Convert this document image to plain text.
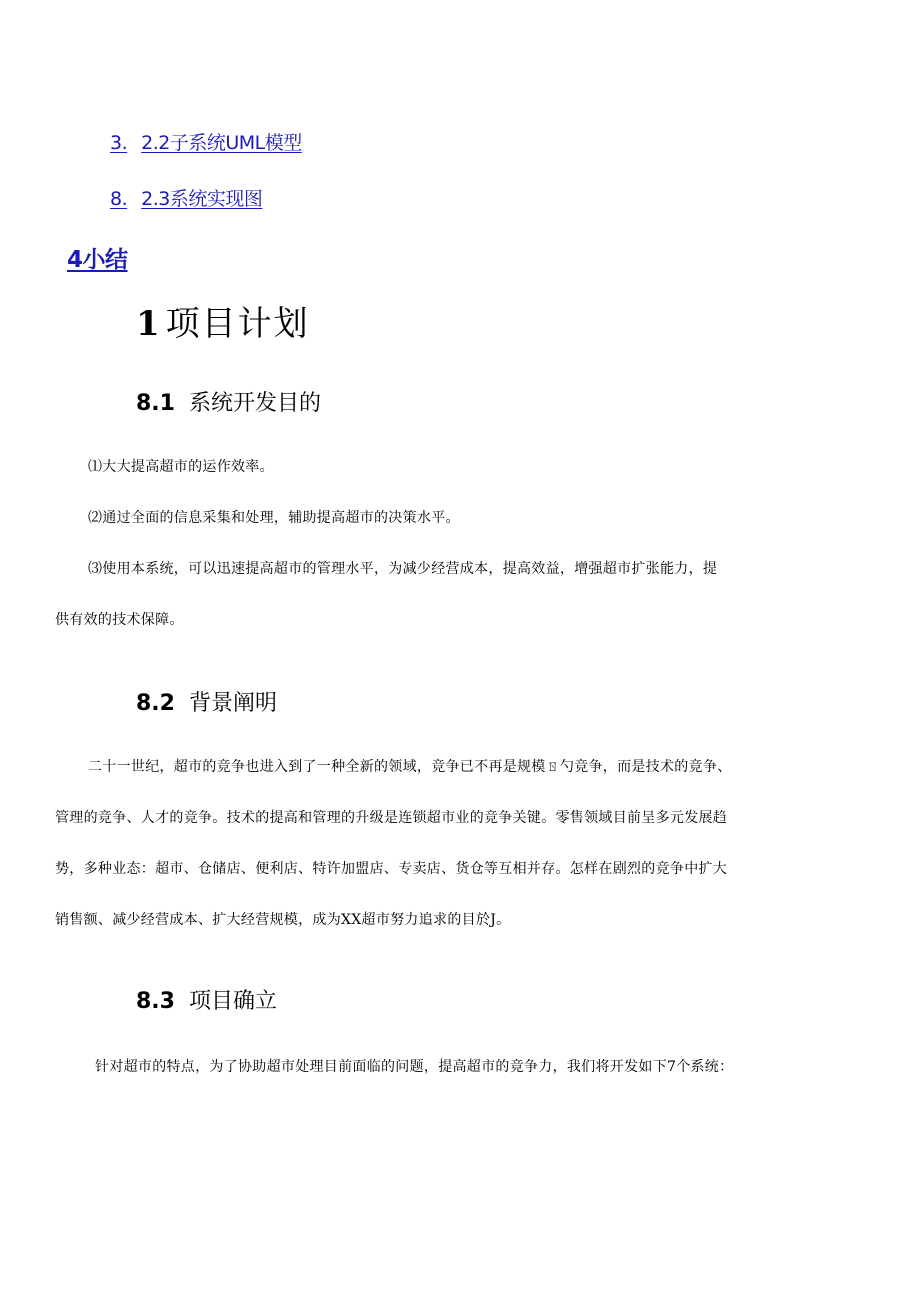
3. 2.2子系统UML模型
8. 2.3系统实现图
4小结
1 项目计划
8.1 系统开发目的
⑴大大提高超市的运作效率。
⑵通过全面的信息采集和处理，辅助提高超市的决策水平。
⑶使用本系统，可以迅速提高超市的管理水平，为减少经营成本，提高效益，增强超市扩张能力，提
供有效的技术保障。
8.2 背景阐明
二十一世纪，超市的竞争也进入到了一种全新的领域，竞争已不再是规模ㄖ勺竞争，而是技术的竞争、
管理的竞争、人才的竞争。技术的提高和管理的升级是连锁超市业的竞争关键。零售领域目前呈多元发展趋
势，多种业态：超市、仓储店、便利店、特许加盟店、专卖店、货仓等互相并存。怎样在剧烈的竞争中扩大
销售额、减少经营成本、扩大经营规模，成为XX超市努力追求的目於J。
8.3 项目确立
针对超市的特点，为了协助超市处理目前面临的问题，提高超市的竞争力，我们将开发如下7个系统：
